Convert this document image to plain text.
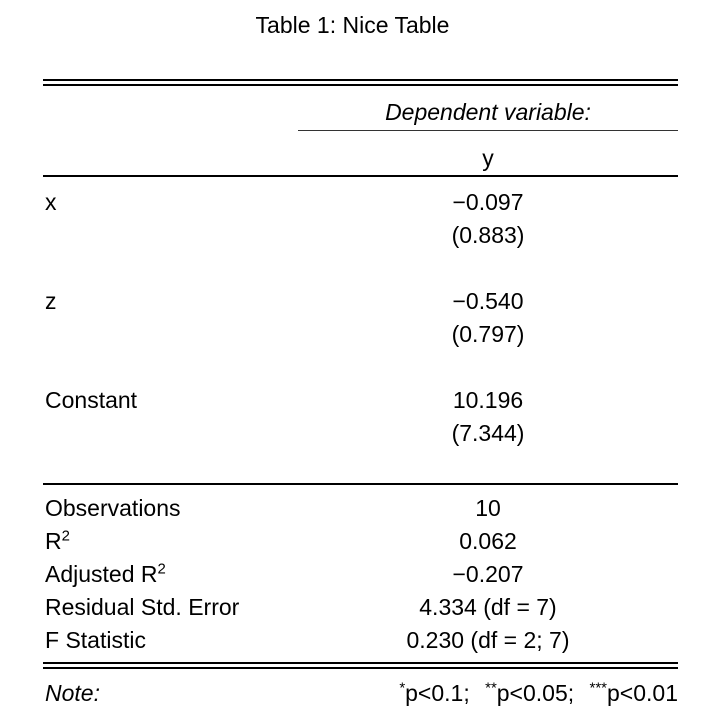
Table 1: Nice Table
Dependent variable:
y
x	−0.097
(0.883)
z	−0.540
(0.797)
Constant	10.196
(7.344)
Observations	10
$R^2$	0.062
Adjusted $R^2$	−0.207
Residual Std. Error	4.334 (df = 7)
F Statistic	0.230 (df = 2; 7)
Note:	*p<0.1; **p<0.05; ***p<0.01
